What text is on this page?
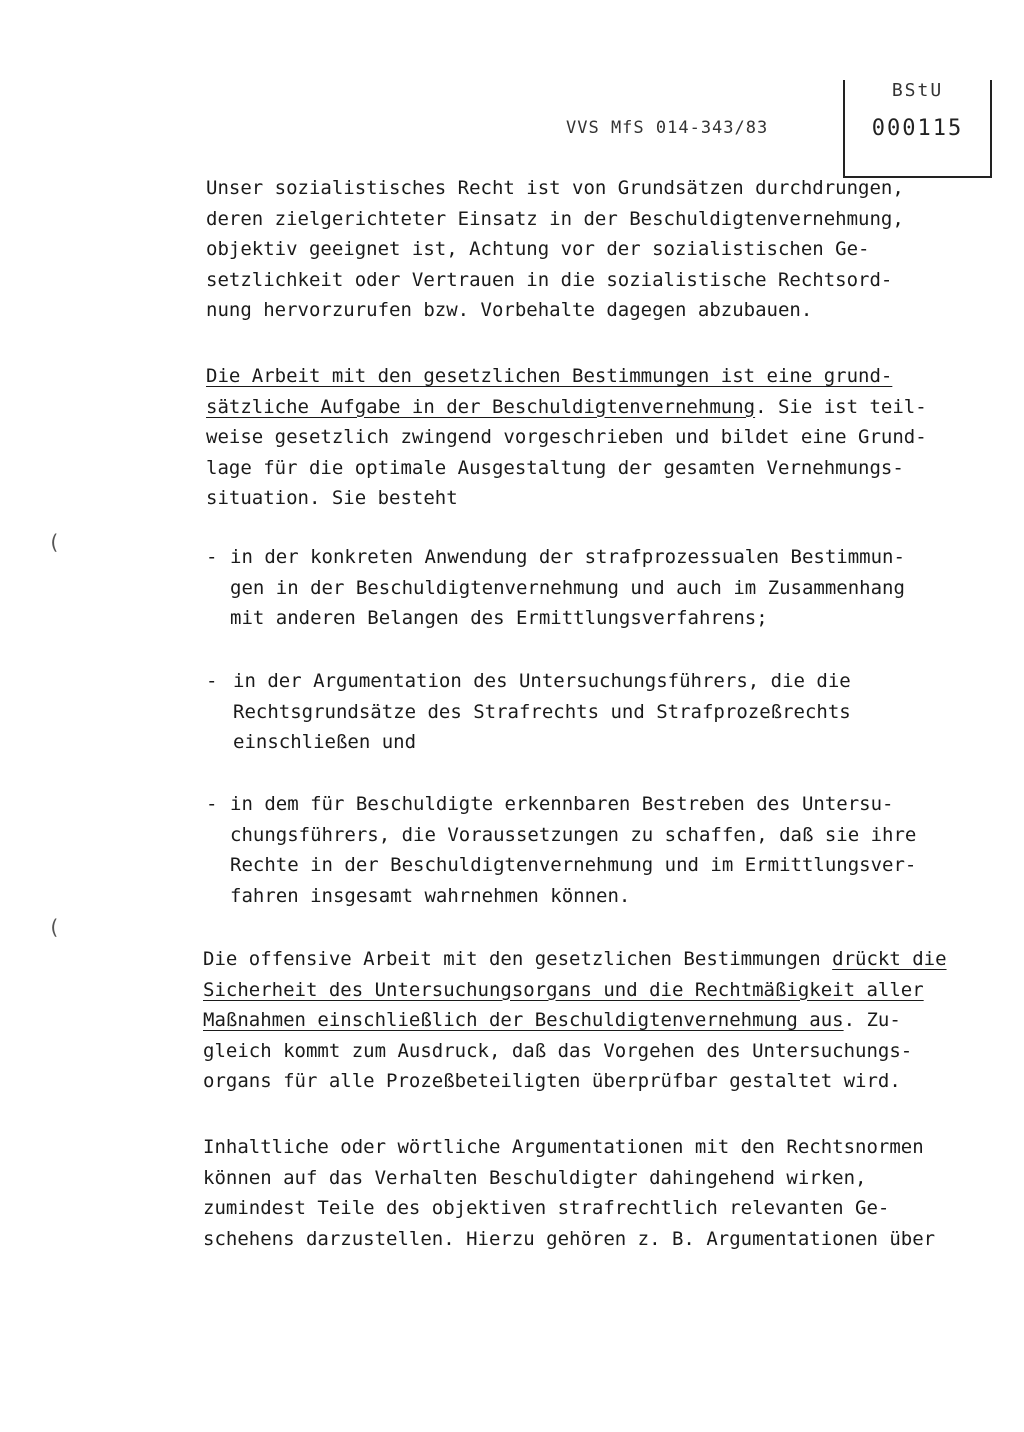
VVS MfS 014-343/83
BStU
000115
Unser sozialistisches Recht ist von Grundsätzen durchdrungen,
deren zielgerichteter Einsatz in der Beschuldigtenvernehmung,
objektiv geeignet ist, Achtung vor der sozialistischen Ge-
setzlichkeit oder Vertrauen in die sozialistische Rechtsord-
nung hervorzurufen bzw. Vorbehalte dagegen abzubauen.
Die Arbeit mit den gesetzlichen Bestimmungen ist eine grund-
sätzliche Aufgabe in der Beschuldigtenvernehmung. Sie ist teil-
weise gesetzlich zwingend vorgeschrieben und bildet eine Grund-
lage für die optimale Ausgestaltung der gesamten Vernehmungs-
situation. Sie besteht
- in der konkreten Anwendung der strafprozessualen Bestimmun-
gen in der Beschuldigtenvernehmung und auch im Zusammenhang
mit anderen Belangen des Ermittlungsverfahrens;
- in der Argumentation des Untersuchungsführers, die die
Rechtsgrundsätze des Strafrechts und Strafprozeßrechts
einschließen und
- in dem für Beschuldigte erkennbaren Bestreben des Untersu-
chungsführers, die Voraussetzungen zu schaffen, daß sie ihre
Rechte in der Beschuldigtenvernehmung und im Ermittlungsver-
fahren insgesamt wahrnehmen können.
Die offensive Arbeit mit den gesetzlichen Bestimmungen drückt die
Sicherheit des Untersuchungsorgans und die Rechtmäßigkeit aller
Maßnahmen einschließlich der Beschuldigtenvernehmung aus. Zu-
gleich kommt zum Ausdruck, daß das Vorgehen des Untersuchungs-
organs für alle Prozeßbeteiligten überprüfbar gestaltet wird.
Inhaltliche oder wörtliche Argumentationen mit den Rechtsnormen
können auf das Verhalten Beschuldigter dahingehend wirken,
zumindest Teile des objektiven strafrechtlich relevanten Ge-
schehens darzustellen. Hierzu gehören z. B. Argumentationen über
(
(
